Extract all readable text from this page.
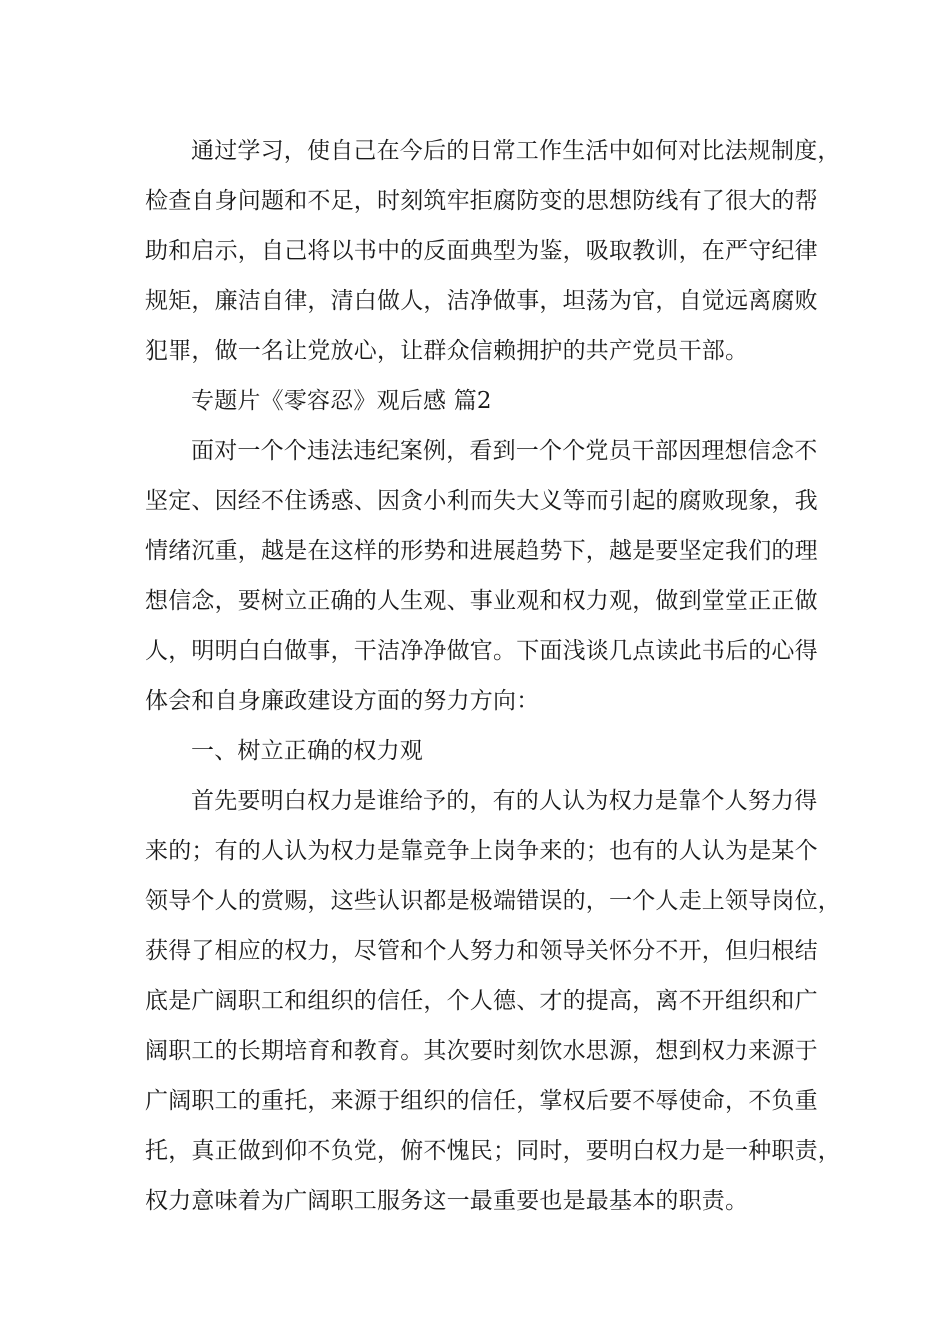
通过学习，使自己在今后的日常工作生活中如何对比法规制度，
检查自身问题和不足，时刻筑牢拒腐防变的思想防线有了很大的帮
助和启示，自己将以书中的反面典型为鉴，吸取教训，在严守纪律
规矩，廉洁自律，清白做人，洁净做事，坦荡为官，自觉远离腐败
犯罪，做一名让党放心，让群众信赖拥护的共产党员干部。
专题片《零容忍》观后感 篇2
面对一个个违法违纪案例，看到一个个党员干部因理想信念不
坚定、因经不住诱惑、因贪小利而失大义等而引起的腐败现象，我
情绪沉重，越是在这样的形势和进展趋势下，越是要坚定我们的理
想信念，要树立正确的人生观、事业观和权力观，做到堂堂正正做
人，明明白白做事，干洁净净做官。下面浅谈几点读此书后的心得
体会和自身廉政建设方面的努力方向：
一、树立正确的权力观
首先要明白权力是谁给予的，有的人认为权力是靠个人努力得
来的；有的人认为权力是靠竞争上岗争来的；也有的人认为是某个
领导个人的赏赐，这些认识都是极端错误的，一个人走上领导岗位，
获得了相应的权力，尽管和个人努力和领导关怀分不开，但归根结
底是广阔职工和组织的信任，个人德、才的提高，离不开组织和广
阔职工的长期培育和教育。其次要时刻饮水思源，想到权力来源于
广阔职工的重托，来源于组织的信任，掌权后要不辱使命，不负重
托，真正做到仰不负党，俯不愧民；同时，要明白权力是一种职责，
权力意味着为广阔职工服务这一最重要也是最基本的职责。
